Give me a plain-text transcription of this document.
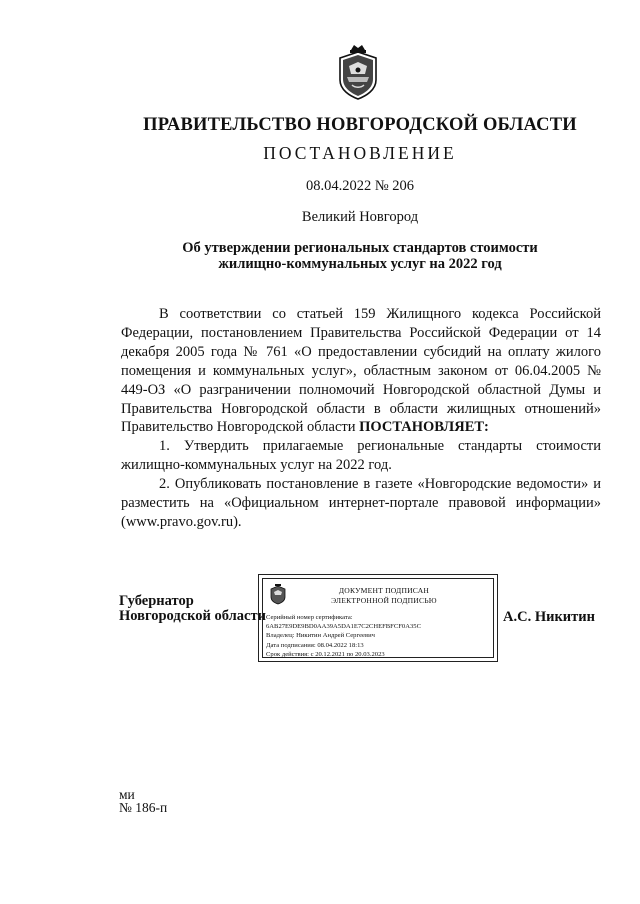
ПРАВИТЕЛЬСТВО НОВГОРОДСКОЙ ОБЛАСТИ
ПОСТАНОВЛЕНИЕ
08.04.2022 № 206
Великий Новгород
Об утверждении региональных стандартов стоимости
жилищно-коммунальных услуг на 2022 год

В соответствии со статьей 159 Жилищного кодекса Российской Федерации, постановлением Правительства Российской Федерации от 14 декабря 2005 года № 761 «О предоставлении субсидий на оплату жилого помещения и коммунальных услуг», областным законом от 06.04.2005 № 449-ОЗ «О разграничении полномочий Новгородской областной Думы и Правительства Новгородской области в области жилищных отношений» Правительство Новгородской области ПОСТАНОВЛЯЕТ:

1. Утвердить прилагаемые региональные стандарты стоимости жилищно-коммунальных услуг на 2022 год.

2. Опубликовать постановление в газете «Новгородские ведомости» и разместить на «Официальном интернет-портале правовой информации» (www.pravo.gov.ru).

Губернатор
Новгородской области
ДОКУМЕНТ ПОДПИСАН
ЭЛЕКТРОННОЙ ПОДПИСЬЮ
Серийный номер сертификата:
6AB27E9DE9BD0AA39A5DA1E7C2CHEFBFCF0A35C
Владелец: Никитин Андрей Сергеевич
Дата подписания: 08.04.2022 18:13
Срок действия: с 20.12.2021 по 20.03.2023
А.С. Никитин
ми
№ 186-п
